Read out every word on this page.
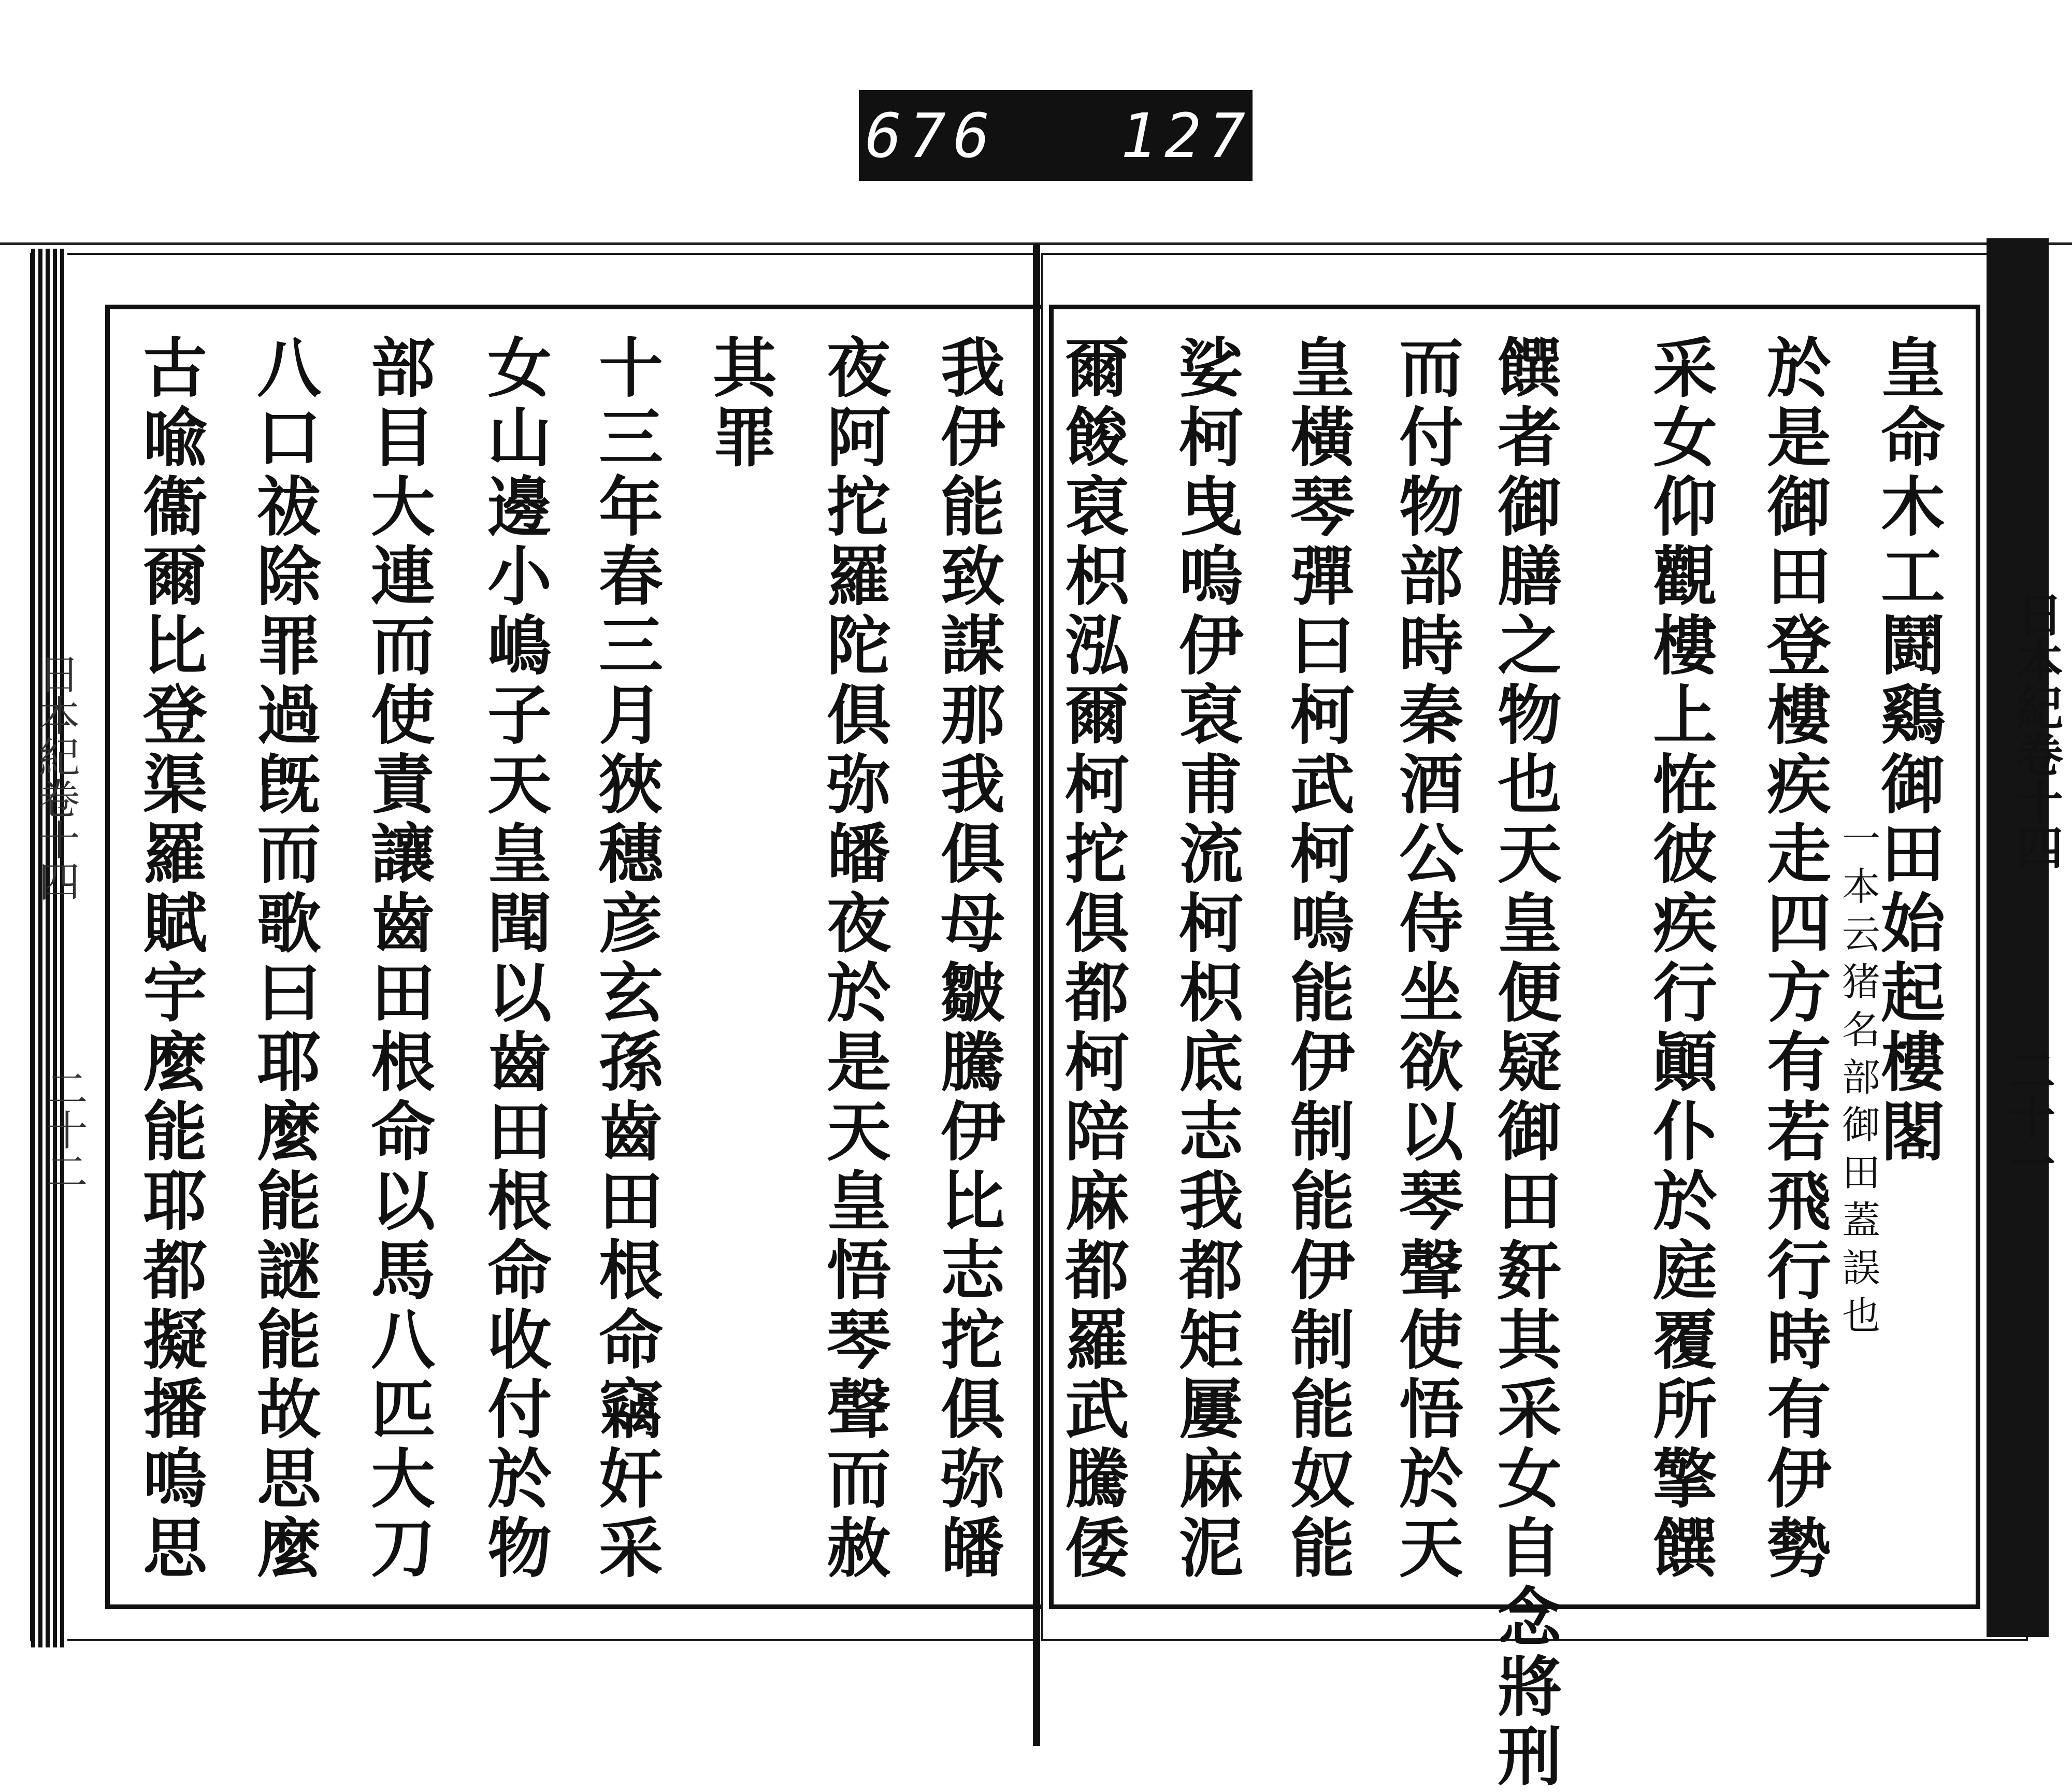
676 127.
日本紀卷十四
二十一
日本紀卷十四
二十二	皇命木工鬪鷄御田始起樓閣
於是御田登樓疾走四方有若飛行時有伊勢
采女仰觀樓上恠彼疾行顚仆於庭覆所擎饌
饌者御膳之物也天皇便疑御田姧其采女自念將刑
而付物部時秦酒公侍坐欲以琴聲使悟於天
皇橫琴彈曰柯武柯嗚能伊制能伊制能奴能
娑柯曳嗚伊裒甫流柯枳底志我都矩屢麻泥
爾餕裒枳泓爾柯拕俱都柯陪麻都羅武騰倭	一本云猪名部御田蓋誤也
我伊能致謀那我俱母皺騰伊比志拕俱弥皤
夜阿拕羅陀俱弥皤夜於是天皇悟琴聲而赦
其罪
十三年春三月狹穗彦玄孫齒田根命竊奸采
女山邊小嶋子天皇聞以齒田根命收付於物
部目大連而使責讓齒田根命以馬八匹大刀
八口祓除罪過旣而歌曰耶麼能謎能故思麼
古喩衞爾比登渠羅賦宇麼能耶都擬播嗚思
